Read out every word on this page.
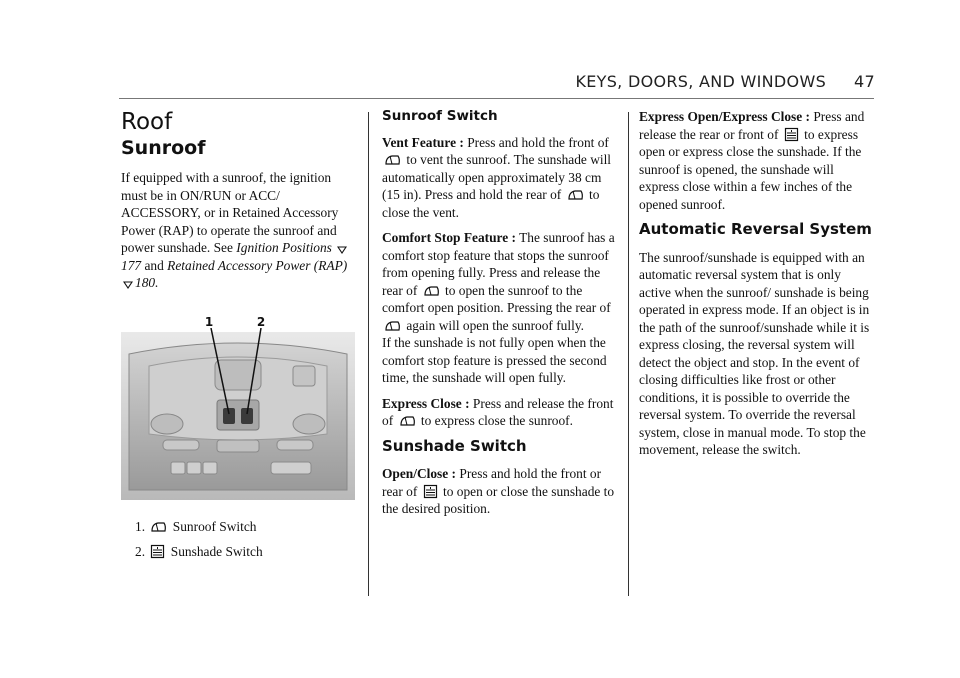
KEYS, DOORS, AND WINDOWS 47
Roof
Sunroof

If equipped with a sunroof, the ignition must be in ON/RUN or ACC/ ACCESSORY, or in Retained Accessory Power (RAP) to operate the sunroof and power sunshade. See Ignition Positions 177 and Retained Accessory Power (RAP) 180.

1	2
1. Sunroof Switch
2. Sunshade Switch
Sunroof Switch

Vent Feature : Press and hold the front of  to vent the sunroof. The sunshade will automatically open approximately 38 cm (15 in). Press and hold the rear of to close the vent.

Comfort Stop Feature : The sunroof has a comfort stop feature that stops the sunroof from opening fully. Press and release the rear of to open the sunroof to the comfort open position. Pressing the rear of  again will open the sunroof fully.
If the sunshade is not fully open when the comfort stop feature is pressed the second time, the sunshade will open fully.

Express Close : Press and release the front of to express close the sunroof.

Sunshade Switch

Open/Close : Press and hold the front or rear of to open or close the sunshade to the desired position.

Express Open/Express Close : Press and release the rear or front of to express open or express close the sunshade. If the sunroof is opened, the sunshade will express close within a few inches of the opened sunroof.

Automatic Reversal System

The sunroof/sunshade is equipped with an automatic reversal system that is only active when the sunroof/ sunshade is being operated in express mode. If an object is in the path of the sunroof/sunshade while it is express closing, the reversal system will detect the object and stop. In the event of closing difficulties like frost or other conditions, it is possible to override the reversal system. To override the reversal system, close in manual mode. To stop the movement, release the switch.
